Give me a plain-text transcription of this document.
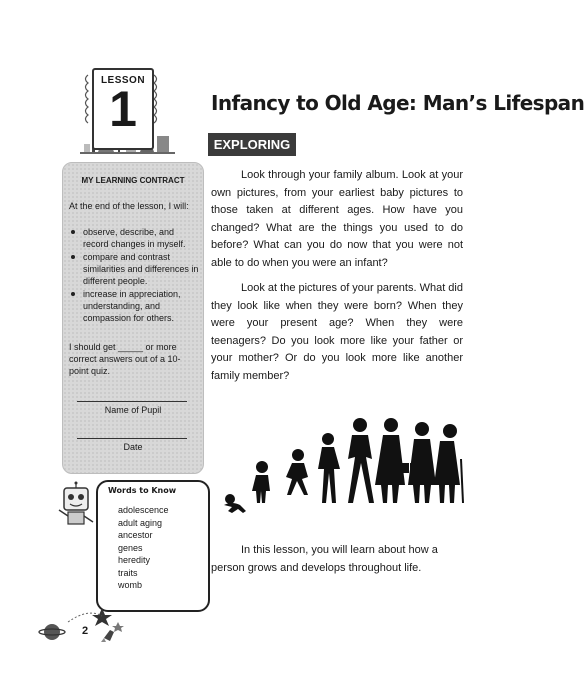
LESSON
1	Infancy to Old Age: Man’s Lifespan
EXPLORING
MY LEARNING CONTRACT
At the end of the lesson, I will:
observe, describe, and record changes in myself.
compare and contrast similarities and differences in different people.
increase in appreciation, understanding, and compassion for others.
I should get _____ or more correct answers out of a 10-point quiz.
Name of Pupil
Date
Words to Know
adolescence
adult aging
ancestor
genes
heredity
traits
womb
Look through your family album. Look at your own pictures, from your earliest baby pictures to those taken at different ages. How have you changed? What are the things you used to do before? What can you do now that you were not able to do when you were an infant?
Look at the pictures of your parents. What did they look like when they were born? When they were your present age? When they were teenagers? Do you look more like your father or your mother? Or do you look more like another family member?
In this lesson, you will learn about how a person grows and develops throughout life.
2
